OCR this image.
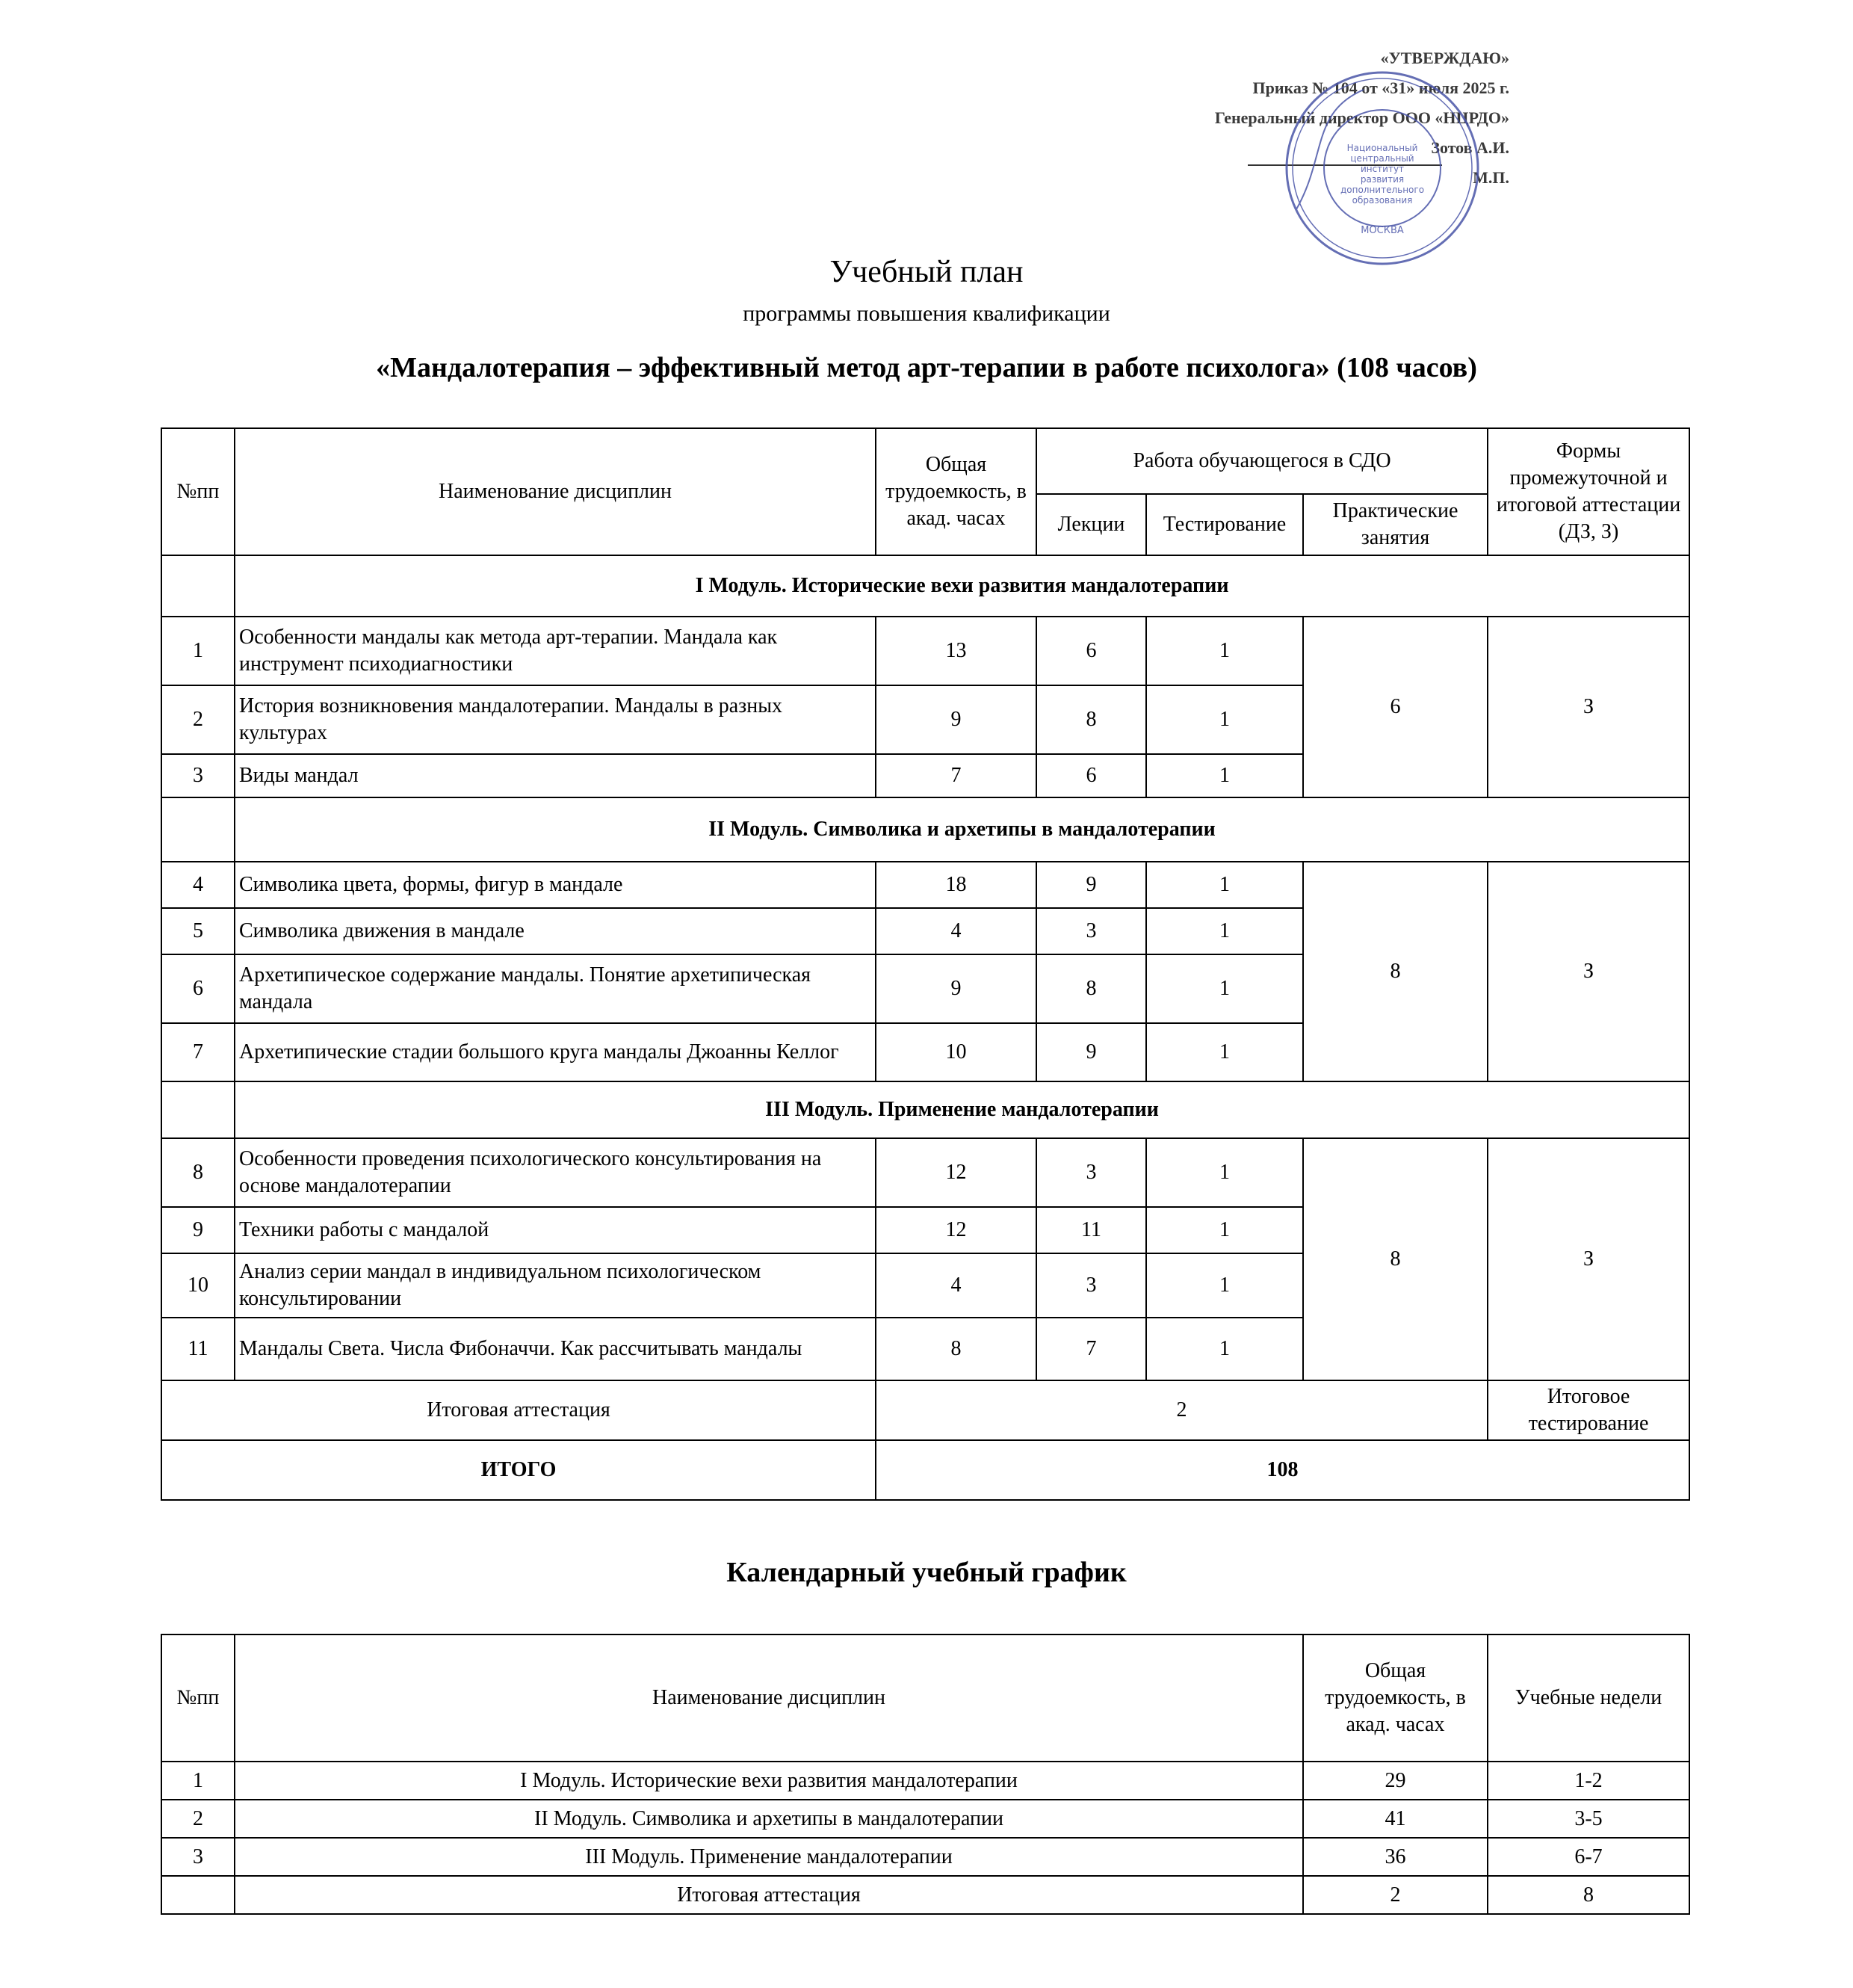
«УТВЕРЖДАЮ»
Приказ № 104 от «31» июля 2025 г.
Генеральный директор ООО «НЦРДО»
Зотов А.И.
М.П.
Национальный
центральный
институт
развития
дополнительного
образования
МОСКВА
Учебный план
программы повышения квалификации
«Мандалотерапия – эффективный метод арт-терапии в работе психолога» (108 часов)
№пп	Наименование дисциплин	Общая трудоемкость, в акад. часах	Работа обучающегося в СДО			Формы промежуточной и итоговой аттестации (ДЗ, З)
			Лекции	Тестирование	Практические занятия	
	I Модуль. Исторические вехи развития мандалотерапии					
1	Особенности мандалы как метода арт-терапии. Мандала как инструмент психодиагностики	13	6	1	6	З
2	История возникновения мандалотерапии. Мандалы в разных культурах	9	8	1		
3	Виды мандал	7	6	1		
	II Модуль. Символика и архетипы в мандалотерапии					
4	Символика цвета, формы, фигур в мандале	18	9	1	8	З
5	Символика движения в мандале	4	3	1		
6	Архетипическое содержание мандалы. Понятие архетипическая мандала	9	8	1		
7	Архетипические стадии большого круга мандалы Джоанны Келлог	10	9	1		
	III Модуль. Применение мандалотерапии					
8	Особенности проведения психологического консультирования на основе мандалотерапии	12	3	1	8	З
9	Техники работы с мандалой	12	11	1		
10	Анализ серии мандал в индивидуальном психологическом консультировании	4	3	1		
11	Мандалы Света. Числа Фибоначчи. Как рассчитывать мандалы	8	7	1		
Итоговая аттестация		2				Итоговое тестирование
ИТОГО		108				
Календарный учебный график
№пп	Наименование дисциплин	Общая трудоемкость, в акад. часах	Учебные недели
1	I Модуль. Исторические вехи развития мандалотерапии	29	1-2
2	II Модуль. Символика и архетипы в мандалотерапии	41	3-5
3	III Модуль. Применение мандалотерапии	36	6-7
	Итоговая аттестация	2	8
